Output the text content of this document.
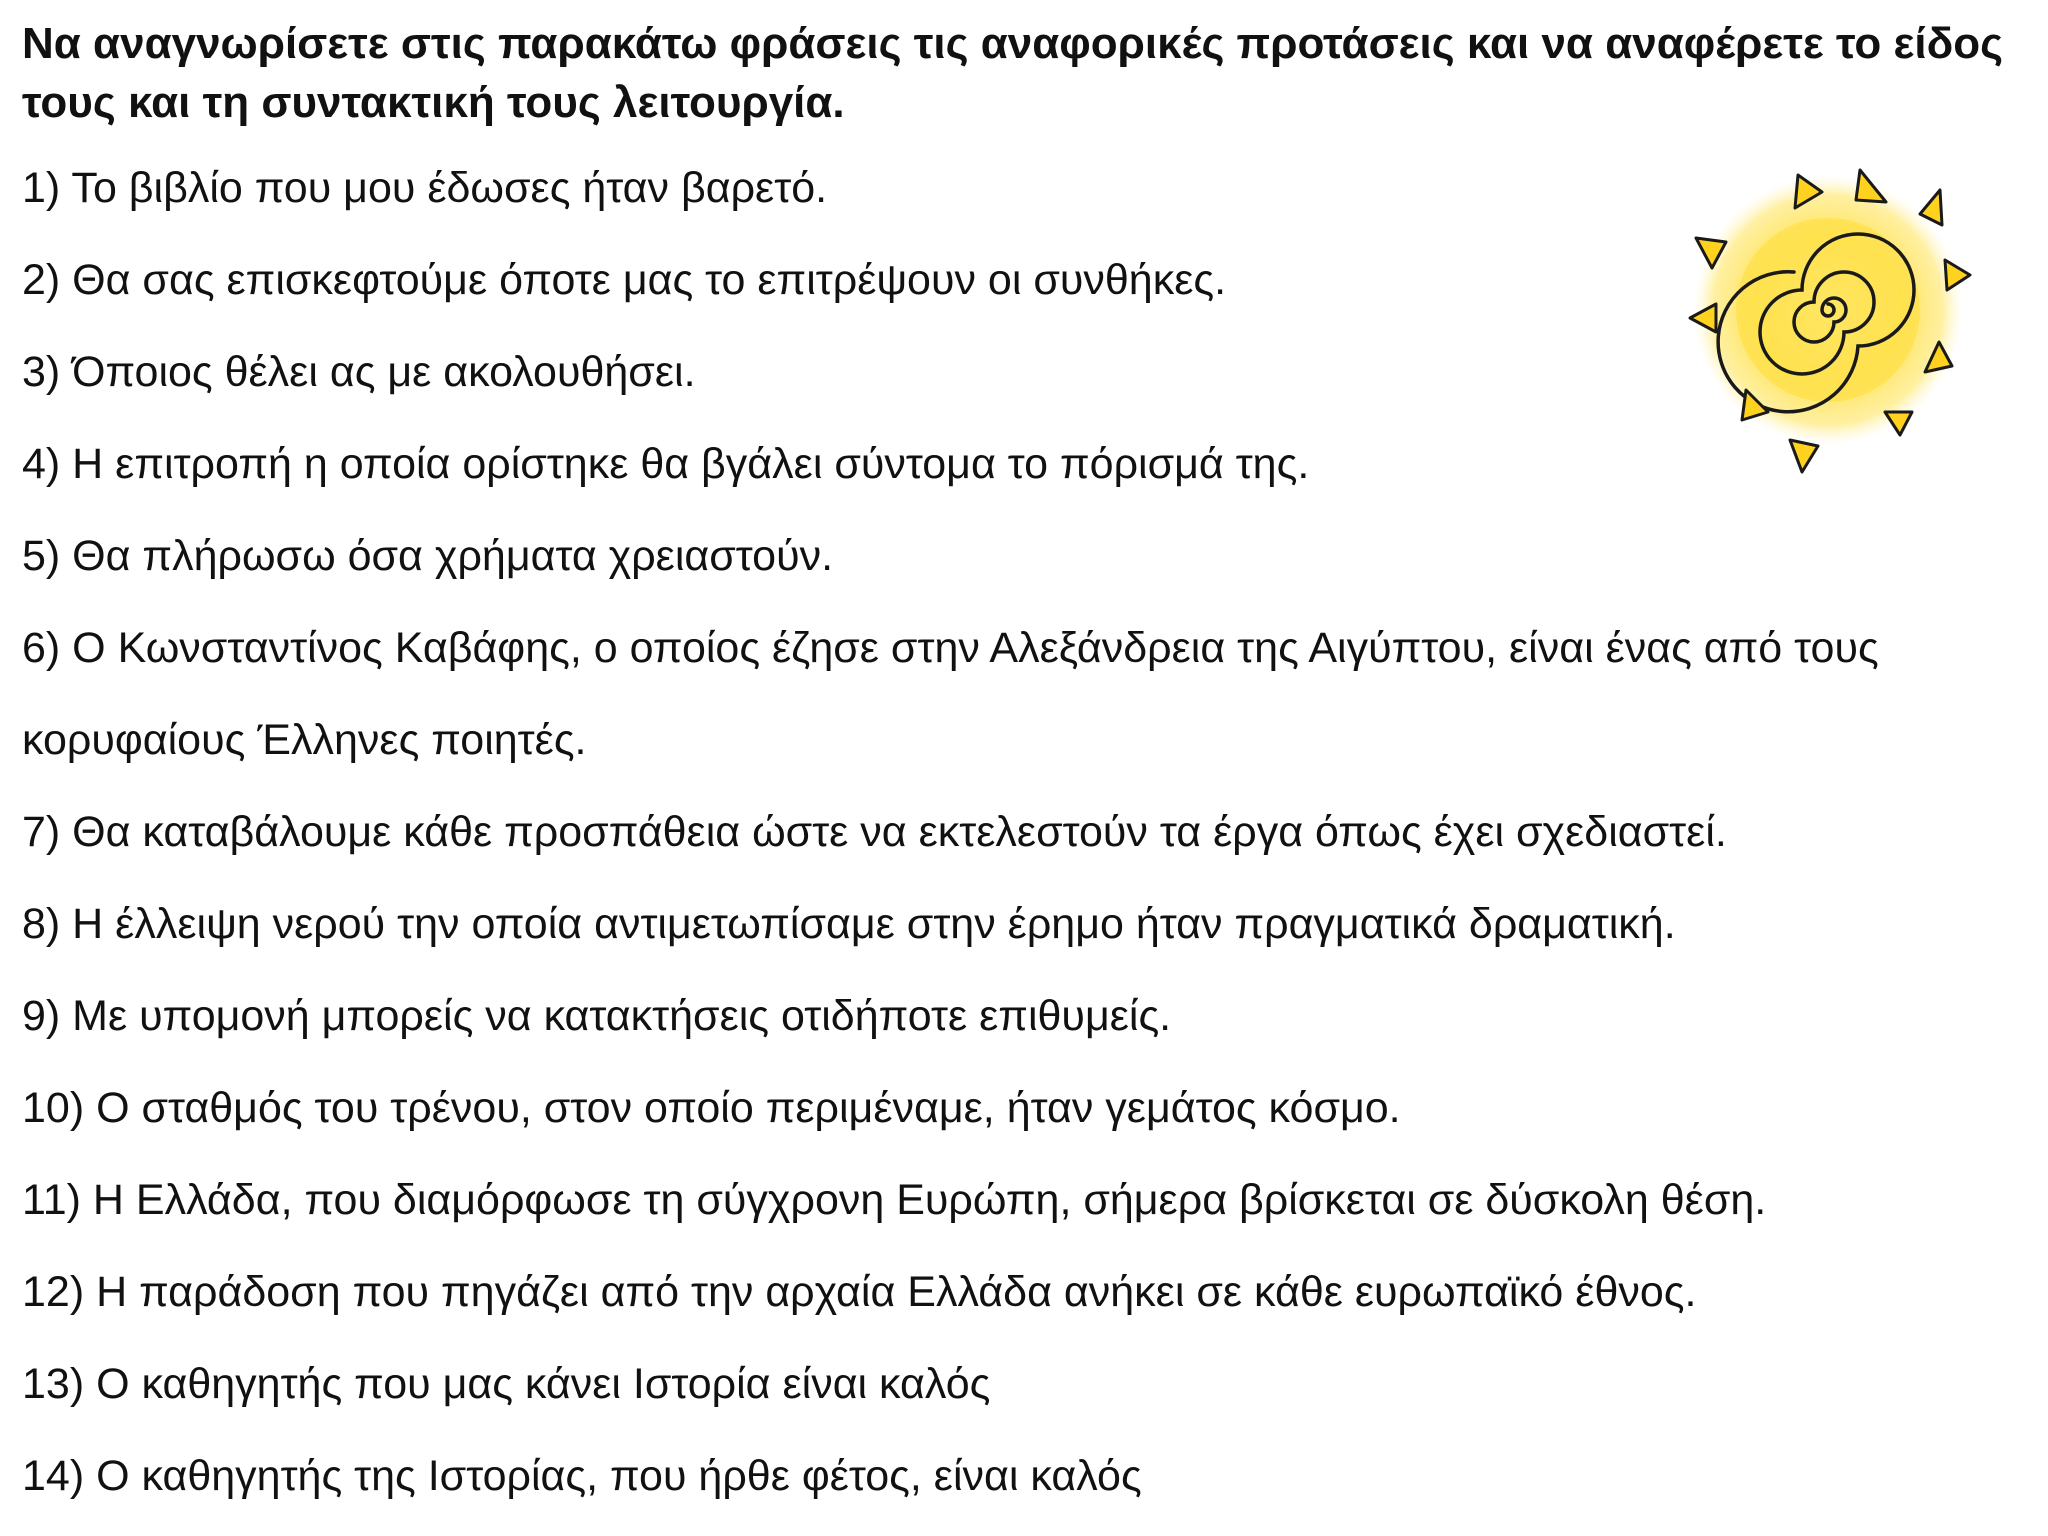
Να αναγνωρίσετε στις παρακάτω φράσεις τις αναφορικές προτάσεις και να αναφέρετε το είδος τους και τη συντακτική τους λειτουργία.

1) Το βιβλίο που μου έδωσες ήταν βαρετό.
2) Θα σας επισκεφτούμε όποτε μας το επιτρέψουν οι συνθήκες.
3) Όποιος θέλει ας με ακολουθήσει.
4) Η επιτροπή η οποία ορίστηκε θα βγάλει σύντομα το πόρισμά της.
5) Θα πλήρωσω όσα χρήματα χρειαστούν.
6) Ο Κωνσταντίνος Καβάφης, ο οποίος έζησε στην Αλεξάνδρεια της Αιγύπτου, είναι ένας από τους κορυφαίους Έλληνες ποιητές.
7) Θα καταβάλουμε κάθε προσπάθεια ώστε να εκτελεστούν τα έργα όπως έχει σχεδιαστεί.
8) Η έλλειψη νερού την οποία αντιμετωπίσαμε στην έρημο ήταν πραγματικά δραματική.
9) Με υπομονή μπορείς να κατακτήσεις οτιδήποτε επιθυμείς.
10) Ο σταθμός του τρένου, στον οποίο περιμέναμε, ήταν γεμάτος κόσμο.
11) Η Ελλάδα, που διαμόρφωσε τη σύγχρονη Ευρώπη, σήμερα βρίσκεται σε δύσκολη θέση.
12) Η παράδοση που πηγάζει από την αρχαία Ελλάδα ανήκει σε κάθε ευρωπαϊκό έθνος.
13) Ο καθηγητής που μας κάνει Ιστορία είναι καλός
14) Ο καθηγητής της Ιστορίας, που ήρθε φέτος, είναι καλός
